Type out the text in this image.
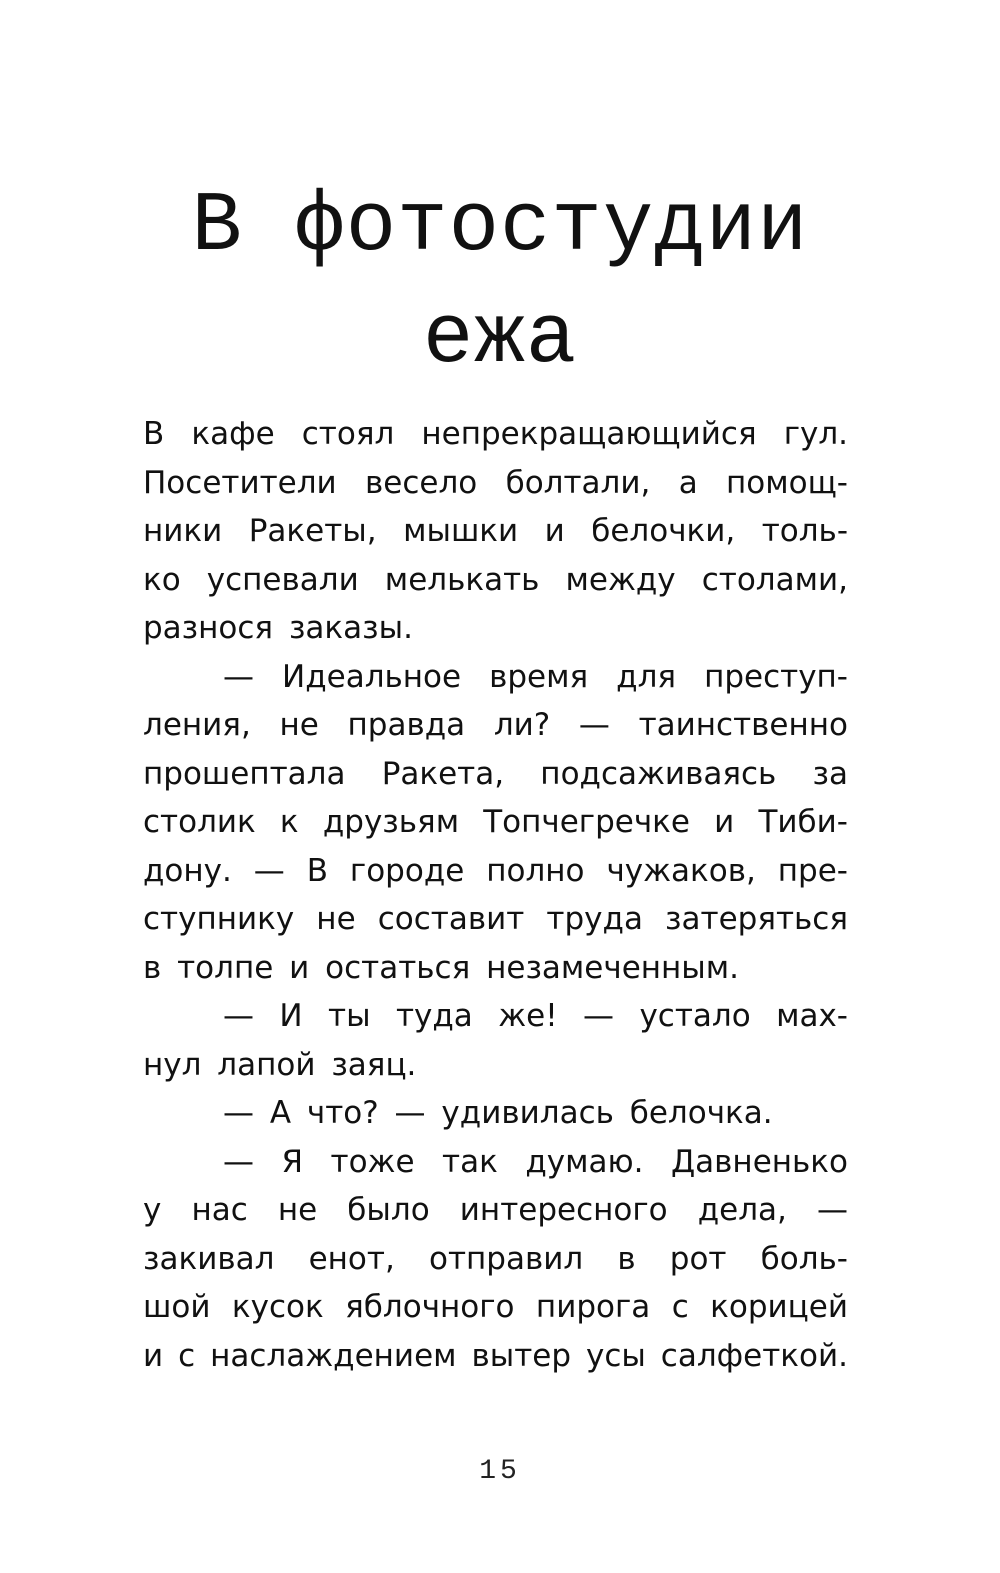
В фотостудии
ежа
В кафе стоял непрекращающийся гул.
Посетители весело болтали, а помощ-
ники Ракеты, мышки и белочки, толь-
ко успевали мелькать между столами,
разнося заказы.
— Идеальное время для преступ-
ления, не правда ли? — таинственно
прошептала Ракета, подсаживаясь за
столик к друзьям Топчегречке и Тиби-
дону. — В городе полно чужаков, пре-
ступнику не составит труда затеряться
в толпе и остаться незамеченным.
— И ты туда же! — устало мах-
нул лапой заяц.
— А что? — удивилась белочка.
— Я тоже так думаю. Давненько
у нас не было интересного дела, —
закивал енот, отправил в рот боль-
шой кусок яблочного пирога с корицей
и с наслаждением вытер усы салфеткой.
15
